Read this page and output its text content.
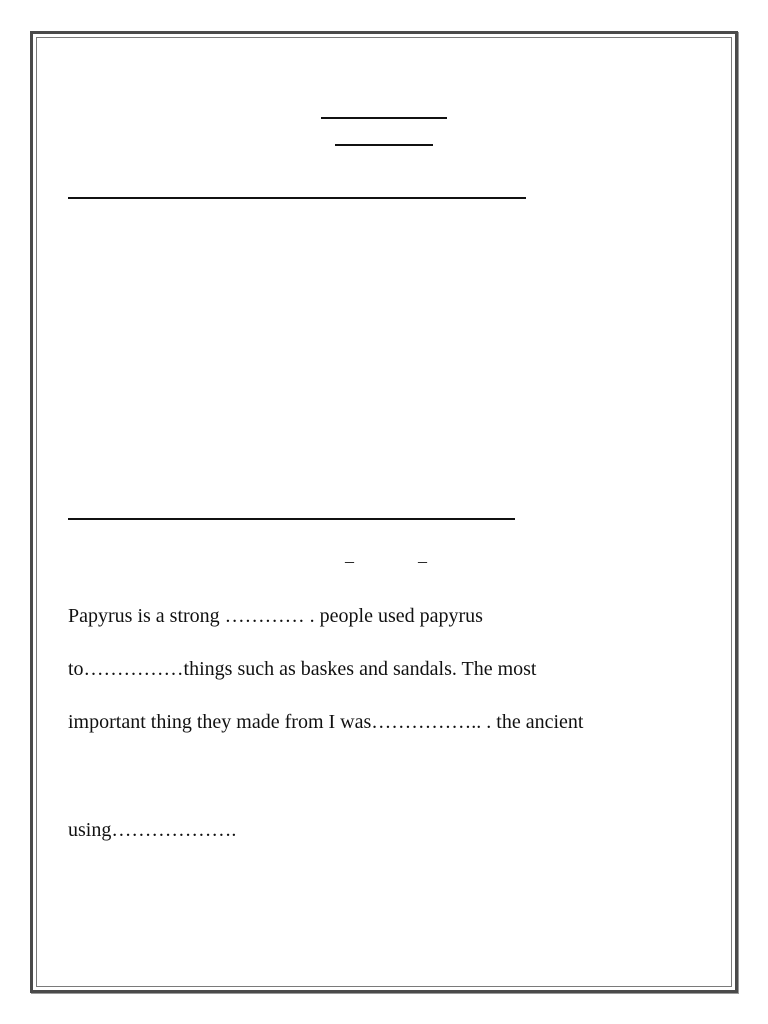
–	–
Papyrus is a strong ………… . people used papyrus
to……………things such as baskes and sandals. The most
important thing they made from I was…………….. . the ancient
using……………….
